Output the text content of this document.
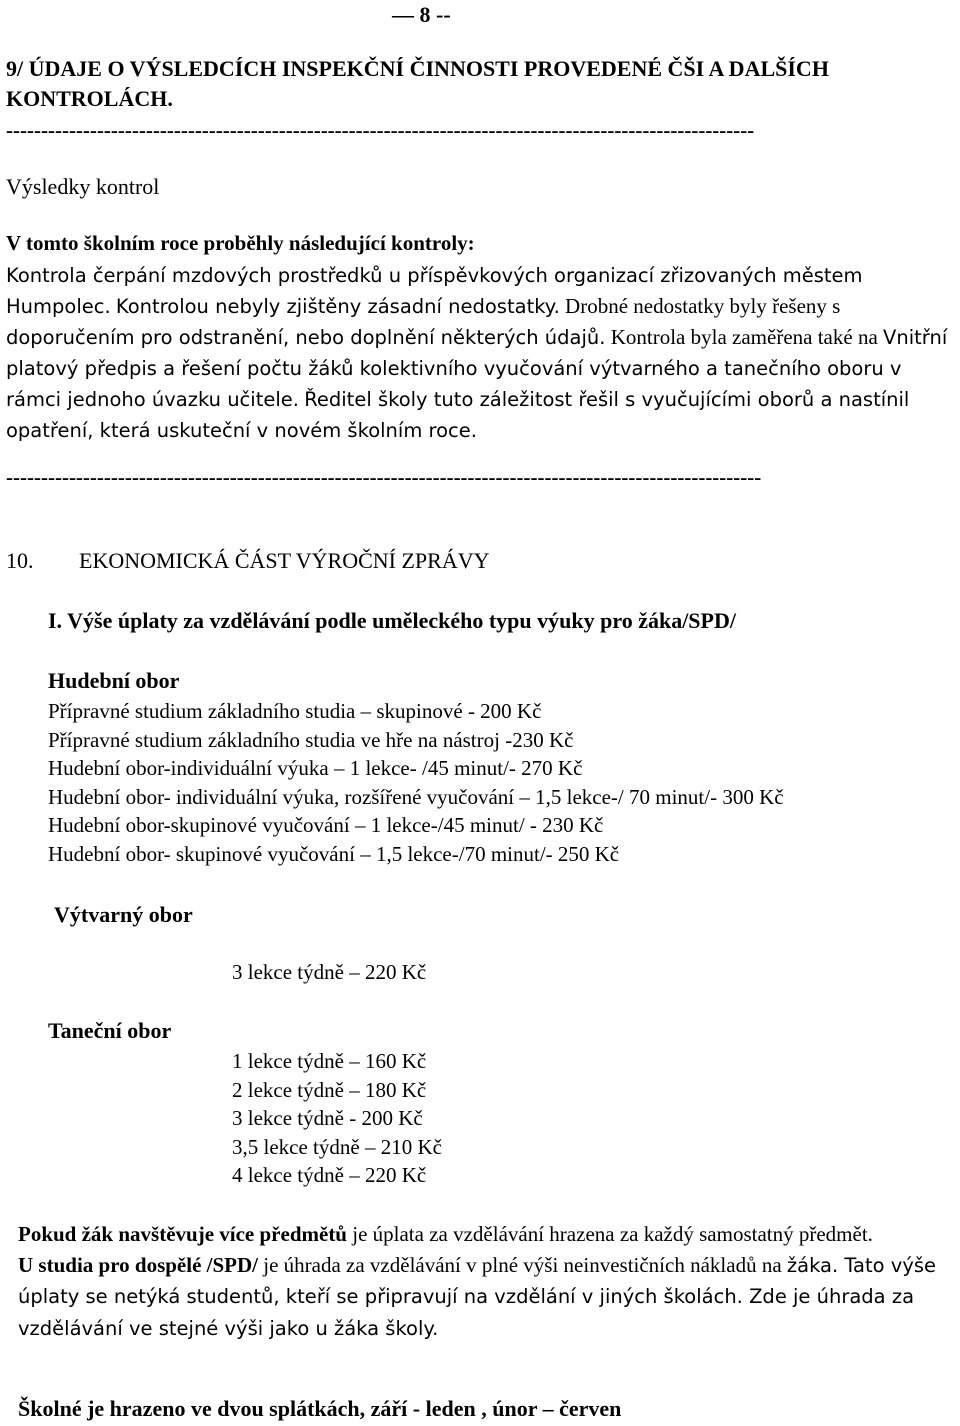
— 8 --
9/ ÚDAJE O VÝSLEDCÍCH INSPEKČNÍ ČINNOSTI PROVEDENÉ ČŠI A DALŠÍCH KONTROLÁCH.
-----------------------------------------------------------------------------------------------------------
Výsledky kontrol
V tomto školním roce proběhly následující kontroly:
Kontrola čerpání mzdových prostředků u příspěvkových organizací zřizovaných městem Humpolec. Kontrolou nebyly zjištěny zásadní nedostatky. Drobné nedostatky byly řešeny s doporučením pro odstranění, nebo doplnění některých údajů. Kontrola byla zaměřena také na Vnitřní platový předpis a řešení počtu žáků kolektivního vyučování výtvarného a tanečního oboru v rámci jednoho úvazku učitele. Ředitel školy tuto záležitost řešil s vyučujícími oborů a nastínil opatření, která uskuteční v novém školním roce.
------------------------------------------------------------------------------------------------------------
10. EKONOMICKÁ ČÁST VÝROČNÍ ZPRÁVY
I. Výše úplaty za vzdělávání podle uměleckého typu výuky pro žáka/SPD/
Hudební obor
Přípravné studium základního studia – skupinové - 200 Kč
Přípravné studium základního studia ve hře na nástroj -230 Kč
Hudební obor-individuální výuka – 1 lekce- /45 minut/- 270 Kč
Hudební obor- individuální výuka, rozšířené vyučování – 1,5 lekce-/ 70 minut/- 300 Kč
Hudební obor-skupinové vyučování – 1 lekce-/45 minut/ - 230 Kč
Hudební obor- skupinové vyučování – 1,5 lekce-/70 minut/- 250 Kč
Výtvarný obor
3 lekce týdně – 220 Kč
Taneční obor
1 lekce týdně – 160 Kč
2 lekce týdně – 180 Kč
3 lekce týdně - 200 Kč
3,5 lekce týdně – 210 Kč
4 lekce týdně – 220 Kč
Pokud žák navštěvuje více předmětů je úplata za vzdělávání hrazena za každý samostatný předmět.
U studia pro dospělé /SPD/ je úhrada za vzdělávání v plné výši neinvestičních nákladů na žáka. Tato výše úplaty se netýká studentů, kteří se připravují na vzdělání v jiných školách. Zde je úhrada za vzdělávání ve stejné výši jako u žáka školy.
Školné je hrazeno ve dvou splátkách, září - leden , únor – červen
